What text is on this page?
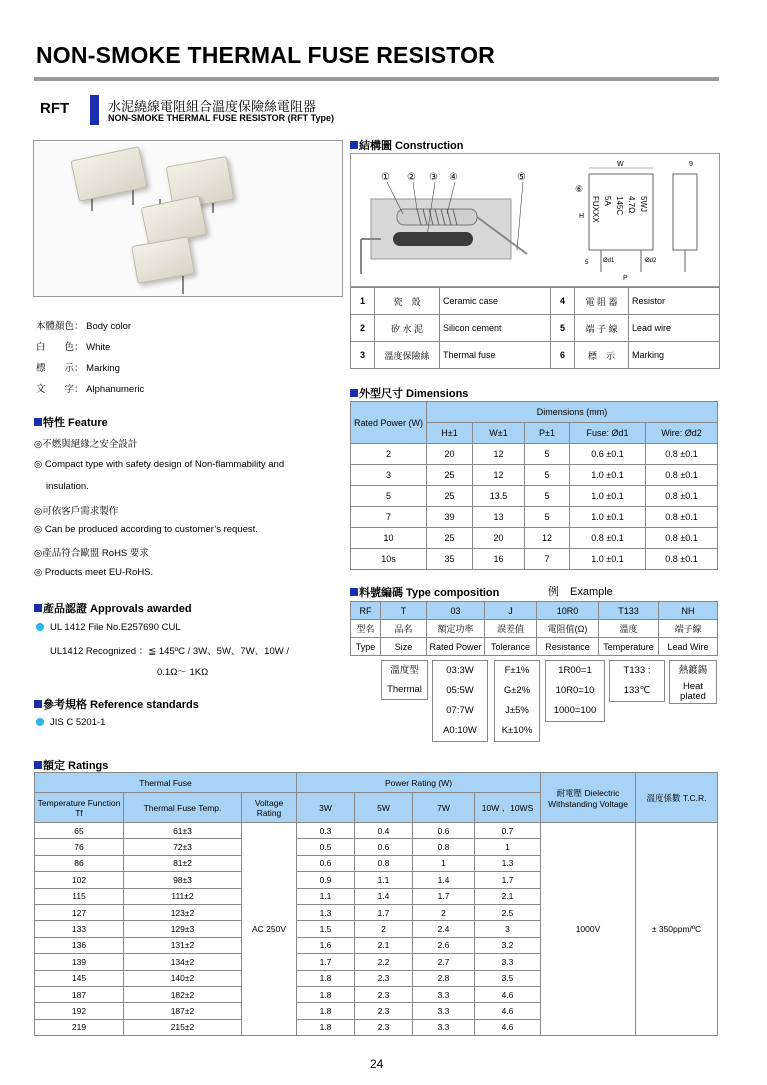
NON-SMOKE THERMAL FUSE RESISTOR
RFT	水泥繞線電阻組合溫度保險絲電阻器
NON-SMOKE THERMAL FUSE RESISTOR (RFT Type)
本體顏色： Body color
白　　色： White
標　　示： Marking
文　　字： Alphanumeric
特性 Feature
◎不燃與絕緣之安全設計
◎ Compact type with safety design of Non-flammability and
insulation.
◎可依客戶需求製作
◎ Can be produced according to customer’s request.
◎產品符合歐盟 RoHS 要求
◎ Products meet EU-RoHS.
產品認證 Approvals awarded
UL 1412 File No.E257690 CUL
UL1412 Recognized ：≦ 145ºC / 3W、5W、7W、10W /
0.1Ω～ 1KΩ
參考規格 Reference standards
JIS C 5201-1
結構圖 Construction
① ② ③ ④	⑤
⑥
5WJ
4.7Ω
145C
5A
FUXXX
W
H
5 Ød1	Ød2
P
9
1	瓷　殼	Ceramic case	4	電 阻 器	Resistor
2	矽 水 泥	Silicon cement	5	端 子 線	Lead wire
3	溫度保險絲	Thermal fuse	6	標　示	Marking
外型尺寸 Dimensions
Rated Power (W)	Dimensions (mm)				
	H±1	W±1	P±1	Fuse: Ød1	Wire: Ød2
2	20	12	5	0.6 ±0.1	0.8 ±0.1
3	25	12	5	1.0 ±0.1	0.8 ±0.1
5	25	13.5	5	1.0 ±0.1	0.8 ±0.1
7	39	13	5	1.0 ±0.1	0.8 ±0.1
10	25	20	12	0.8 ±0.1	0.8 ±0.1
10s	35	16	7	1.0 ±0.1	0.8 ±0.1
料號編碼 Type composition	例　Example
RF	T	03	J	10R0	T133	NH
型名	品名	額定功率	誤差值	電阻值(Ω)	溫度	端子線
Type	Size	Rated Power	Tolerance	Resistance	Temperature	Lead Wire
溫度型
Thermal
03:3W
05:5W
07:7W
A0:10W
F±1%
G±2%
J±5%
K±10%
1R00=1
10R0=10
1000=100
T133 :
133℃
熱鍍錫
Heat plated
額定 Ratings
Thermal Fuse			Power Rating (W)				耐電壓 Dielectric Withstanding Voltage	溫度係數 T.C.R.
Temperature Function Tf	Thermal Fuse Temp.	Voltage Rating	3W	5W	7W	10W 、10WS		
65	61±3	AC 250V	0.3	0.4	0.6	0.7	1000V	± 350ppm/ºC
76	72±3		0.5	0.6	0.8	1		
86	81±2		0.6	0.8	1	1.3		
102	98±3		0.9	1.1	1.4	1.7		
115	111±2		1.1	1.4	1.7	2.1		
127	123±2		1.3	1.7	2	2.5		
133	129±3		1.5	2	2.4	3		
136	131±2		1.6	2.1	2.6	3.2		
139	134±2		1.7	2.2	2.7	3.3		
145	140±2		1.8	2.3	2.8	3.5		
187	182±2		1.8	2.3	3.3	4.6		
192	187±2		1.8	2.3	3.3	4.6		
219	215±2		1.8	2.3	3.3	4.6		
24
